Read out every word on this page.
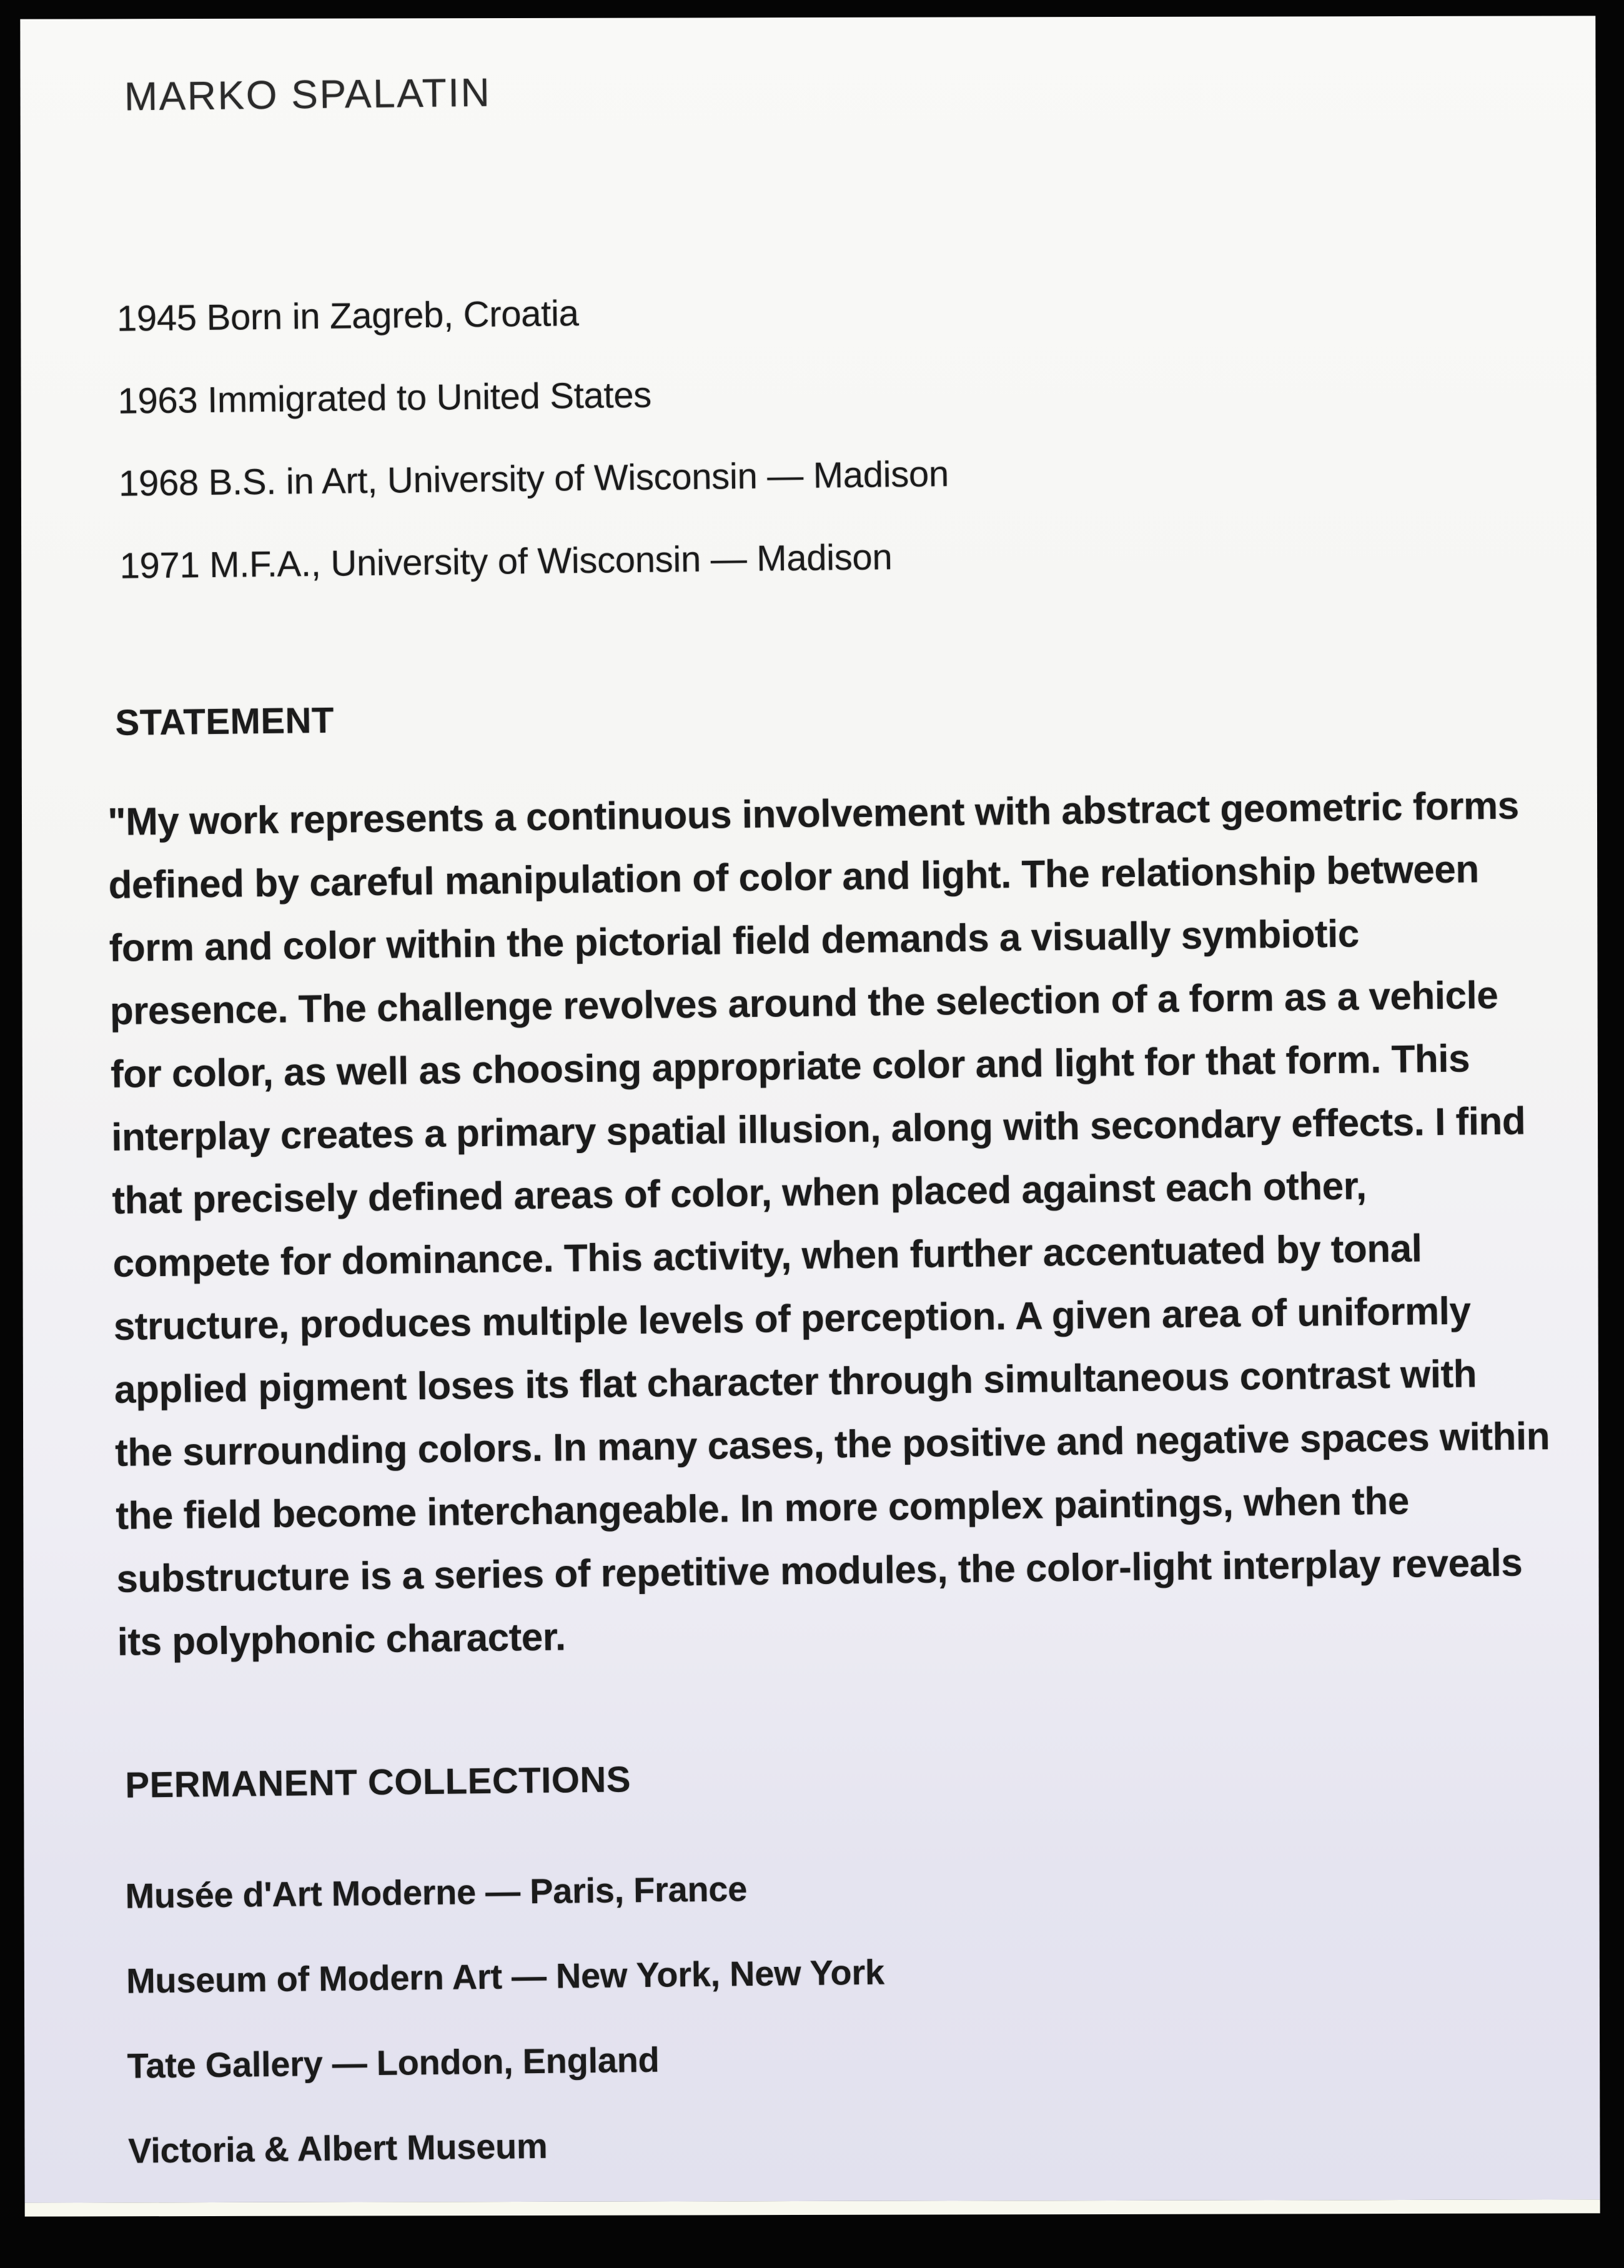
MARKO SPALATIN
1945 Born in Zagreb, Croatia
1963 Immigrated to United States
1968 B.S. in Art, University of Wisconsin — Madison
1971 M.F.A., University of Wisconsin — Madison
STATEMENT
"My work represents a continuous involvement with abstract geometric forms
defined by careful manipulation of color and light. The relationship between
form and color within the pictorial field demands a visually symbiotic
presence. The challenge revolves around the selection of a form as a vehicle
for color, as well as choosing appropriate color and light for that form. This
interplay creates a primary spatial illusion, along with secondary effects. I find
that precisely defined areas of color, when placed against each other,
compete for dominance. This activity, when further accentuated by tonal
structure, produces multiple levels of perception. A given area of uniformly
applied pigment loses its flat character through simultaneous contrast with
the surrounding colors. In many cases, the positive and negative spaces within
the field become interchangeable. In more complex paintings, when the
substructure is a series of repetitive modules, the color-light interplay reveals
its polyphonic character.
PERMANENT COLLECTIONS
Musée d'Art Moderne — Paris, France
Museum of Modern Art — New York, New York
Tate Gallery — London, England
Victoria & Albert Museum
